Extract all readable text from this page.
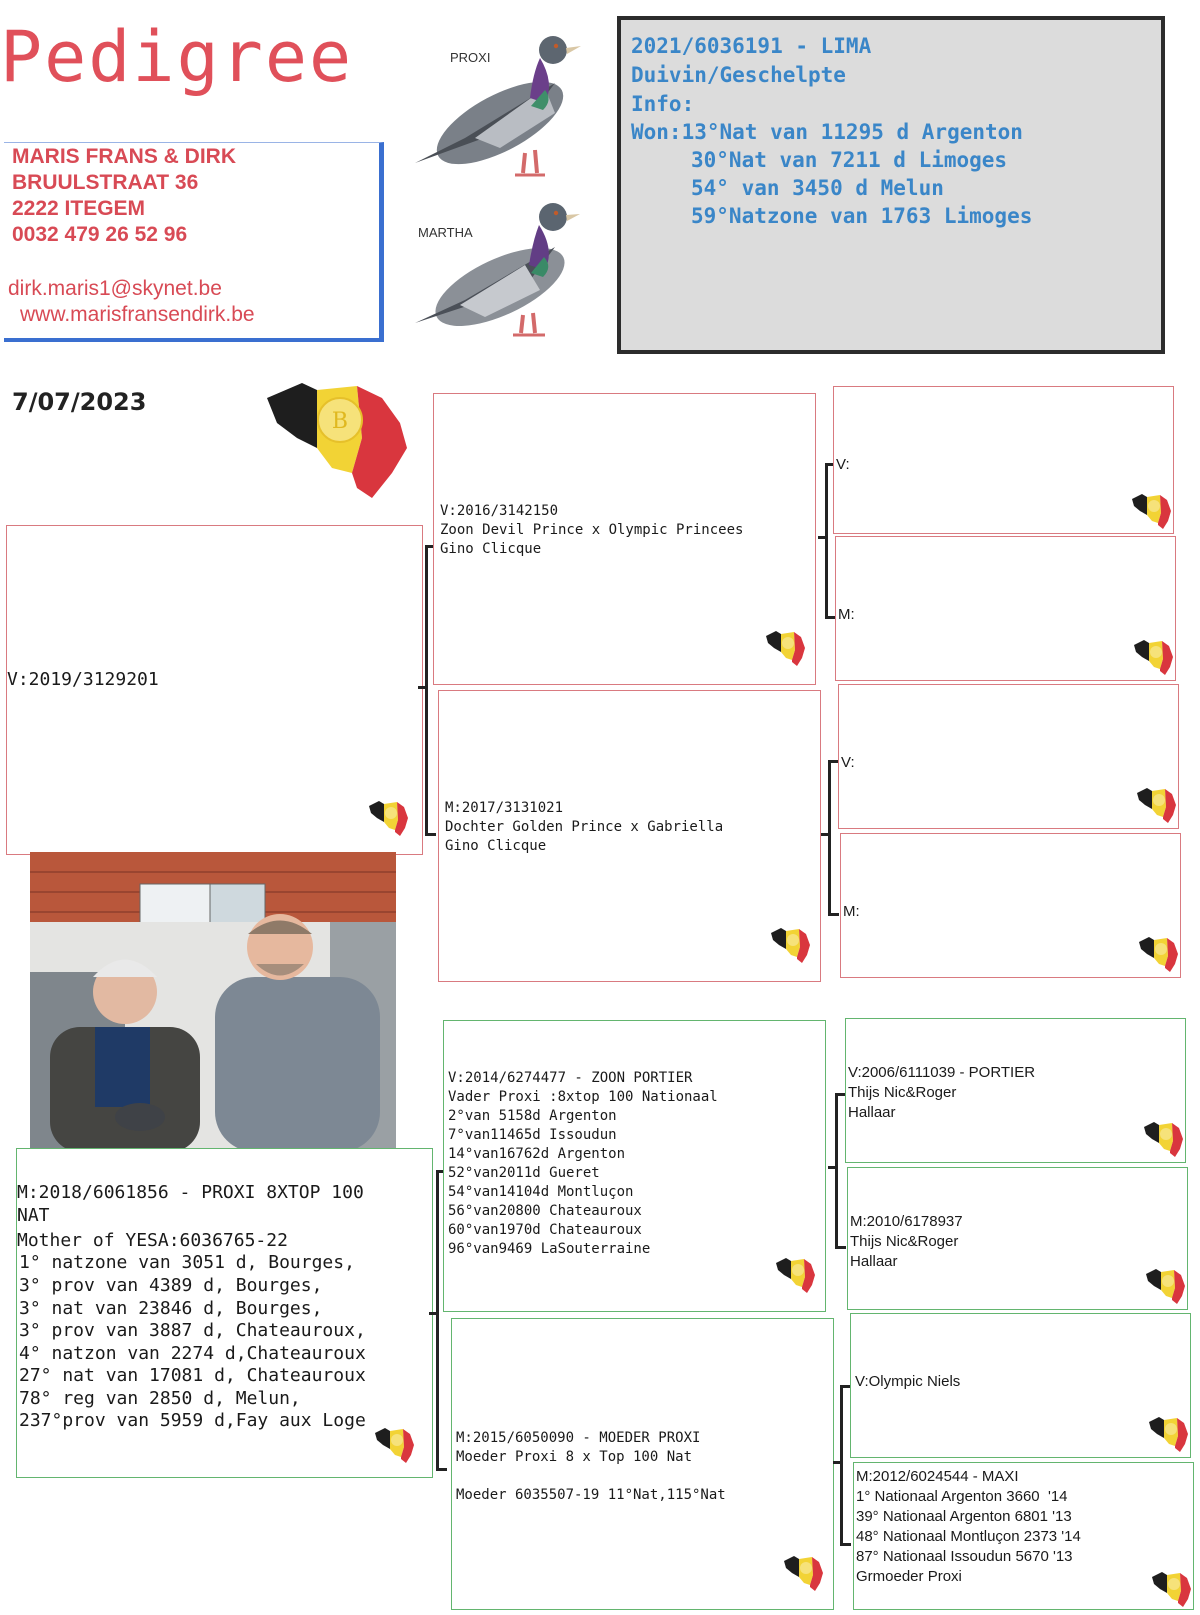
Pedigree
MARIS FRANS & DIRK
BRUULSTRAAT 36
2222 ITEGEM
0032 479 26 52 96
dirk.maris1@skynet.be
www.marisfransendirk.be
PROXI
MARTHA
2021/6036191 - LIMA
Duivin/Geschelpte
Info:
Won:13°Nat van 11295 d Argenton
30°Nat van 7211 d Limoges
54° van 3450 d Melun
59°Natzone van 1763 Limoges
7/07/2023
B
V:2019/3129201
M:2018/6061856 - PROXI 8XTOP 100
NAT
Mother of YESA:6036765-22
1° natzone van 3051 d, Bourges,
3° prov van 4389 d, Bourges,
3° nat van 23846 d, Bourges,
3° prov van 3887 d, Chateauroux,
4° natzon van 2274 d,Chateauroux
27° nat van 17081 d, Chateauroux
78° reg van 2850 d, Melun,
237°prov van 5959 d,Fay aux Loge
V:2016/3142150
Zoon Devil Prince x Olympic Princees
Gino Clicque
M:2017/3131021
Dochter Golden Prince x Gabriella
Gino Clicque
V:
M:
V:
M:
V:2014/6274477 - ZOON PORTIER
Vader Proxi :8xtop 100 Nationaal
2°van 5158d Argenton
7°van11465d Issoudun
14°van16762d Argenton
52°van2011d Gueret
54°van14104d Montluçon
56°van20800 Chateauroux
60°van1970d Chateauroux
96°van9469 LaSouterraine
M:2015/6050090 - MOEDER PROXI
Moeder Proxi 8 x Top 100 Nat
Moeder 6035507-19 11°Nat,115°Nat
V:2006/6111039 - PORTIER
Thijs Nic&Roger
Hallaar
M:2010/6178937
Thijs Nic&Roger
Hallaar
V:Olympic Niels
M:2012/6024544 - MAXI
1° Nationaal Argenton 3660  '14
39° Nationaal Argenton 6801 '13
48° Nationaal Montluçon 2373 '14
87° Nationaal Issoudun 5670 '13
Grmoeder Proxi
